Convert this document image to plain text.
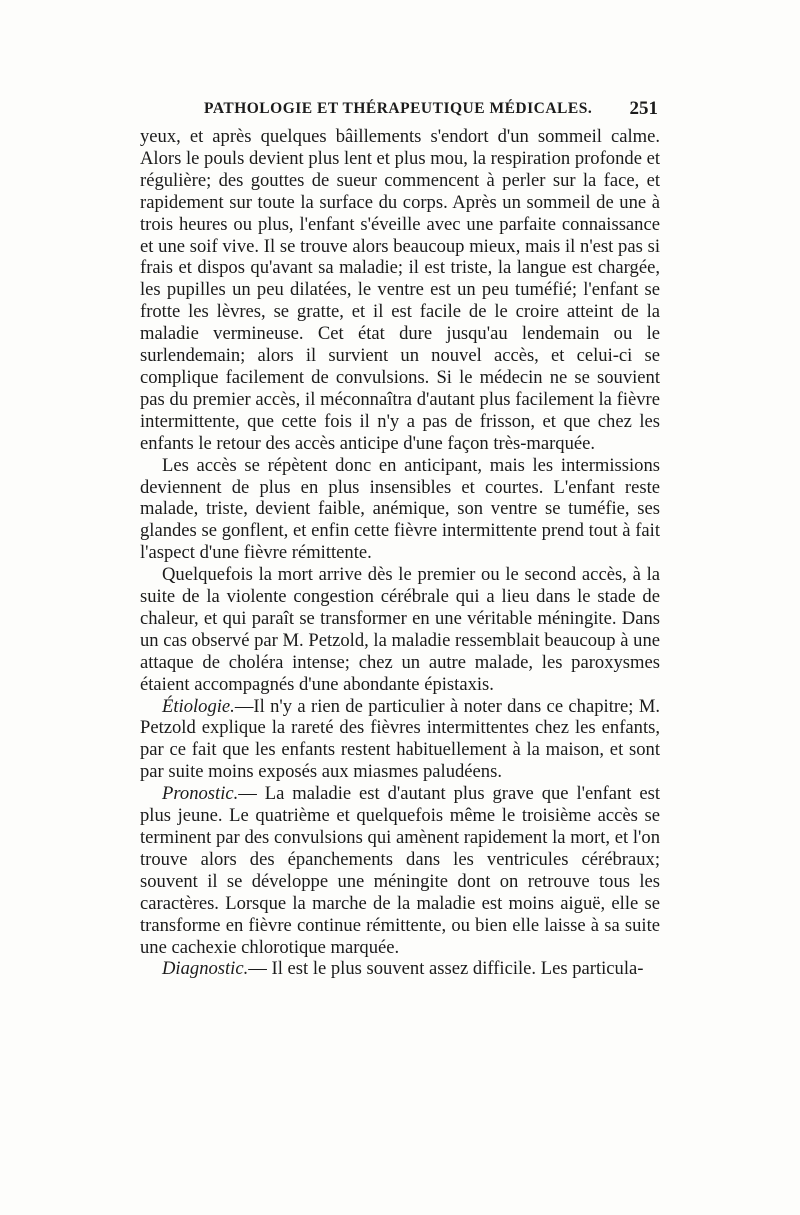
PATHOLOGIE ET THÉRAPEUTIQUE MÉDICALES. 251

yeux, et après quelques bâillements s'endort d'un sommeil calme. Alors le pouls devient plus lent et plus mou, la respiration profonde et régulière; des gouttes de sueur commencent à perler sur la face, et rapidement sur toute la surface du corps. Après un sommeil de une à trois heures ou plus, l'enfant s'éveille avec une parfaite connaissance et une soif vive. Il se trouve alors beaucoup mieux, mais il n'est pas si frais et dispos qu'avant sa maladie; il est triste, la langue est chargée, les pupilles un peu dilatées, le ventre est un peu tuméfié; l'enfant se frotte les lèvres, se gratte, et il est facile de le croire atteint de la maladie vermineuse. Cet état dure jusqu'au lendemain ou le surlendemain; alors il survient un nouvel accès, et celui-ci se complique facilement de convulsions. Si le médecin ne se souvient pas du premier accès, il méconnaîtra d'autant plus facilement la fièvre intermittente, que cette fois il n'y a pas de frisson, et que chez les enfants le retour des accès anticipe d'une façon très-marquée.

Les accès se répètent donc en anticipant, mais les intermissions deviennent de plus en plus insensibles et courtes. L'enfant reste malade, triste, devient faible, anémique, son ventre se tuméfie, ses glandes se gonflent, et enfin cette fièvre intermittente prend tout à fait l'aspect d'une fièvre rémittente.

Quelquefois la mort arrive dès le premier ou le second accès, à la suite de la violente congestion cérébrale qui a lieu dans le stade de chaleur, et qui paraît se transformer en une véritable méningite. Dans un cas observé par M. Petzold, la maladie ressemblait beaucoup à une attaque de choléra intense; chez un autre malade, les paroxysmes étaient accompagnés d'une abondante épistaxis.

Étiologie.—Il n'y a rien de particulier à noter dans ce chapitre; M. Petzold explique la rareté des fièvres intermittentes chez les enfants, par ce fait que les enfants restent habituellement à la maison, et sont par suite moins exposés aux miasmes paludéens.

Pronostic.— La maladie est d'autant plus grave que l'enfant est plus jeune. Le quatrième et quelquefois même le troisième accès se terminent par des convulsions qui amènent rapidement la mort, et l'on trouve alors des épanchements dans les ventricules cérébraux; souvent il se développe une méningite dont on retrouve tous les caractères. Lorsque la marche de la maladie est moins aiguë, elle se transforme en fièvre continue rémittente, ou bien elle laisse à sa suite une cachexie chlorotique marquée.

Diagnostic.— Il est le plus souvent assez difficile. Les particula-
